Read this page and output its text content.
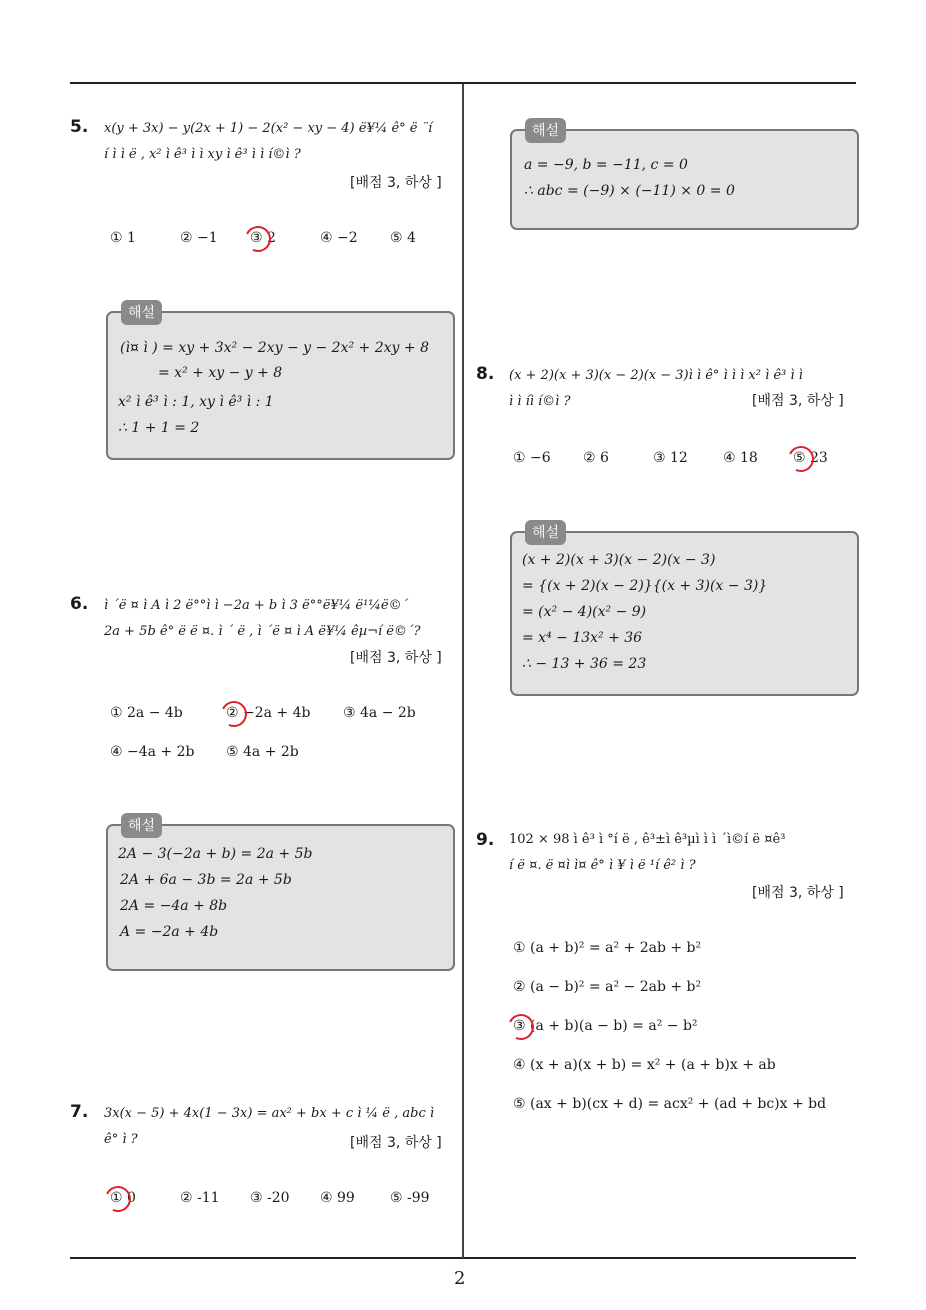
5. x(y + 3x) − y(2x + 1) − 2(x² − xy − 4) ë¥¼ ê° ë ¨í
í ì ì ë , x² ì ê³ ì ì xy ì ê³ ì ì í©ì ?
[배점 3, 하상 ]
① 1	② −1 ③ 2	④ −2 ⑤ 4
해설
(ì¤ ì ) = xy + 3x² − 2xy − y − 2x² + 2xy + 8
= x² + xy − y + 8
x² ì ê³ ì : 1, xy ì ê³ ì : 1
∴ 1 + 1 = 2
6. ì ´ë ¤ ì A ì 2 ë°°ì ì −2a + b ì 3 ë°°ë¥¼ ë¹¼ë©´
2a + 5b ê° ë ë ¤. ì ´ ë , ì ´ë ¤ ì A ë¥¼ êµ¬í ë©´?
[배점 3, 하상 ]
① 2a − 4b	② −2a + 4b ③ 4a − 2b
④ −4a + 2b ⑤ 4a + 2b
해설
2A − 3(−2a + b) = 2a + 5b
2A + 6a − 3b = 2a + 5b
2A = −4a + 8b
A = −2a + 4b
7. 3x(x − 5) + 4x(1 − 3x) = ax² + bx + c ì ¼ ë , abc ì
ê° ì ?	[배점 3, 하상 ]
① 0	② -11 ③ -20 ④ 99	⑤ -99
해설
a = −9, b = −11, c = 0
∴ abc = (−9) × (−11) × 0 = 0
8. (x + 2)(x + 3)(x − 2)(x − 3)ì ì ê° ì ì ì x² ì ê³ ì ì
ì ì íì í©ì ?	[배점 3, 하상 ]
① −6 ② 6	③ 12	④ 18	⑤ 23
해설
(x + 2)(x + 3)(x − 2)(x − 3)
= {(x + 2)(x − 2)}{(x + 3)(x − 3)}
= (x² − 4)(x² − 9)
= x⁴ − 13x² + 36
∴ − 13 + 36 = 23
9. 102 × 98 ì ê³ ì °í ë , ê³±ì ê³µì ì ì ´ì©í ë ¤ê³
í ë ¤. ë ¤ì ì¤ ê° ì ¥ ì ë ¹í ê² ì ?
[배점 3, 하상 ]
① (a + b)² = a² + 2ab + b²
② (a − b)² = a² − 2ab + b²
③ (a + b)(a − b) = a² − b²
④ (x + a)(x + b) = x² + (a + b)x + ab
⑤ (ax + b)(cx + d) = acx² + (ad + bc)x + bd
2
